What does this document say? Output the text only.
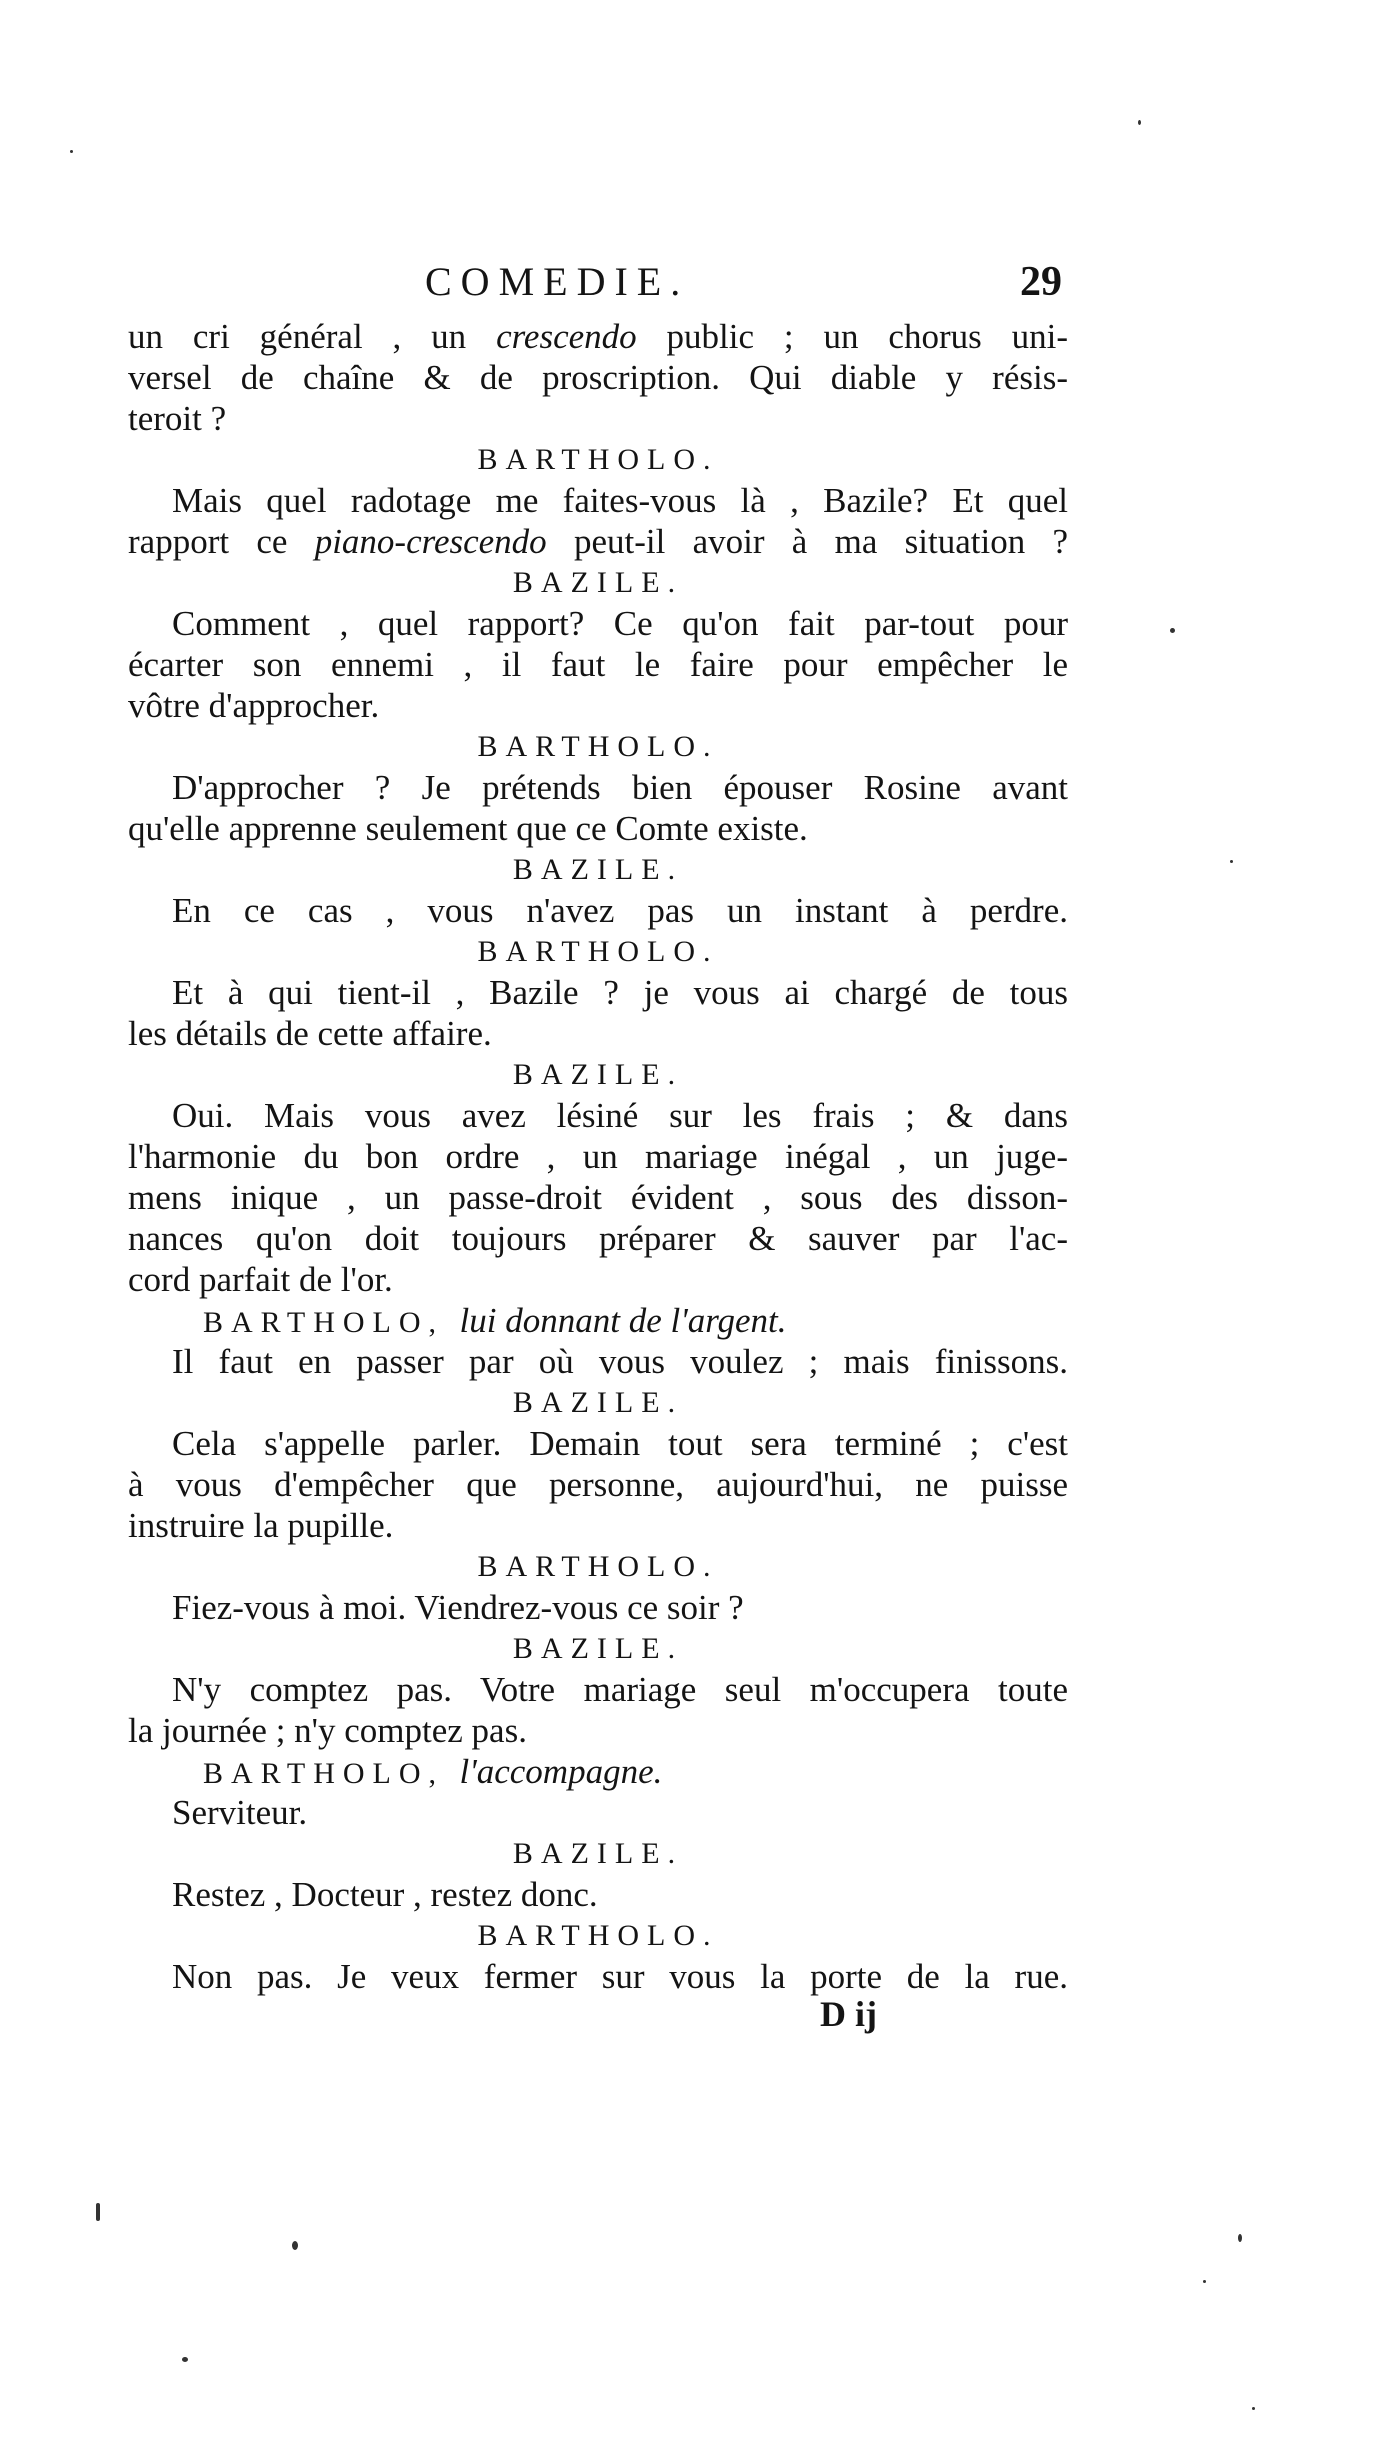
COMEDIE.	29
un cri général , un crescendo public ; un chorus uni-
versel de chaîne & de proscription. Qui diable y résis-
teroit ?
BARTHOLO.
Mais quel radotage me faites-vous là , Bazile? Et quel
rapport ce piano-crescendo peut-il avoir à ma situation ?
BAZILE.
Comment , quel rapport? Ce qu'on fait par-tout pour
écarter son ennemi , il faut le faire pour empêcher le
vôtre d'approcher.
BARTHOLO.
D'approcher ? Je prétends bien épouser Rosine avant
qu'elle apprenne seulement que ce Comte existe.
BAZILE.
En ce cas , vous n'avez pas un instant à perdre.
BARTHOLO.
Et à qui tient-il , Bazile ? je vous ai chargé de tous
les détails de cette affaire.
BAZILE.
Oui. Mais vous avez lésiné sur les frais ; & dans
l'harmonie du bon ordre , un mariage inégal , un juge-
mens inique , un passe-droit évident , sous des disson-
nances qu'on doit toujours préparer & sauver par l'ac-
cord parfait de l'or.
BARTHOLO, lui donnant de l'argent.
Il faut en passer par où vous voulez ; mais finissons.
BAZILE.
Cela s'appelle parler. Demain tout sera terminé ; c'est
à vous d'empêcher que personne, aujourd'hui, ne puisse
instruire la pupille.
BARTHOLO.
Fiez-vous à moi. Viendrez-vous ce soir ?
BAZILE.
N'y comptez pas. Votre mariage seul m'occupera toute
la journée ; n'y comptez pas.
BARTHOLO, l'accompagne.
Serviteur.
BAZILE.
Restez , Docteur , restez donc.
BARTHOLO.
Non pas. Je veux fermer sur vous la porte de la rue.
D ij
